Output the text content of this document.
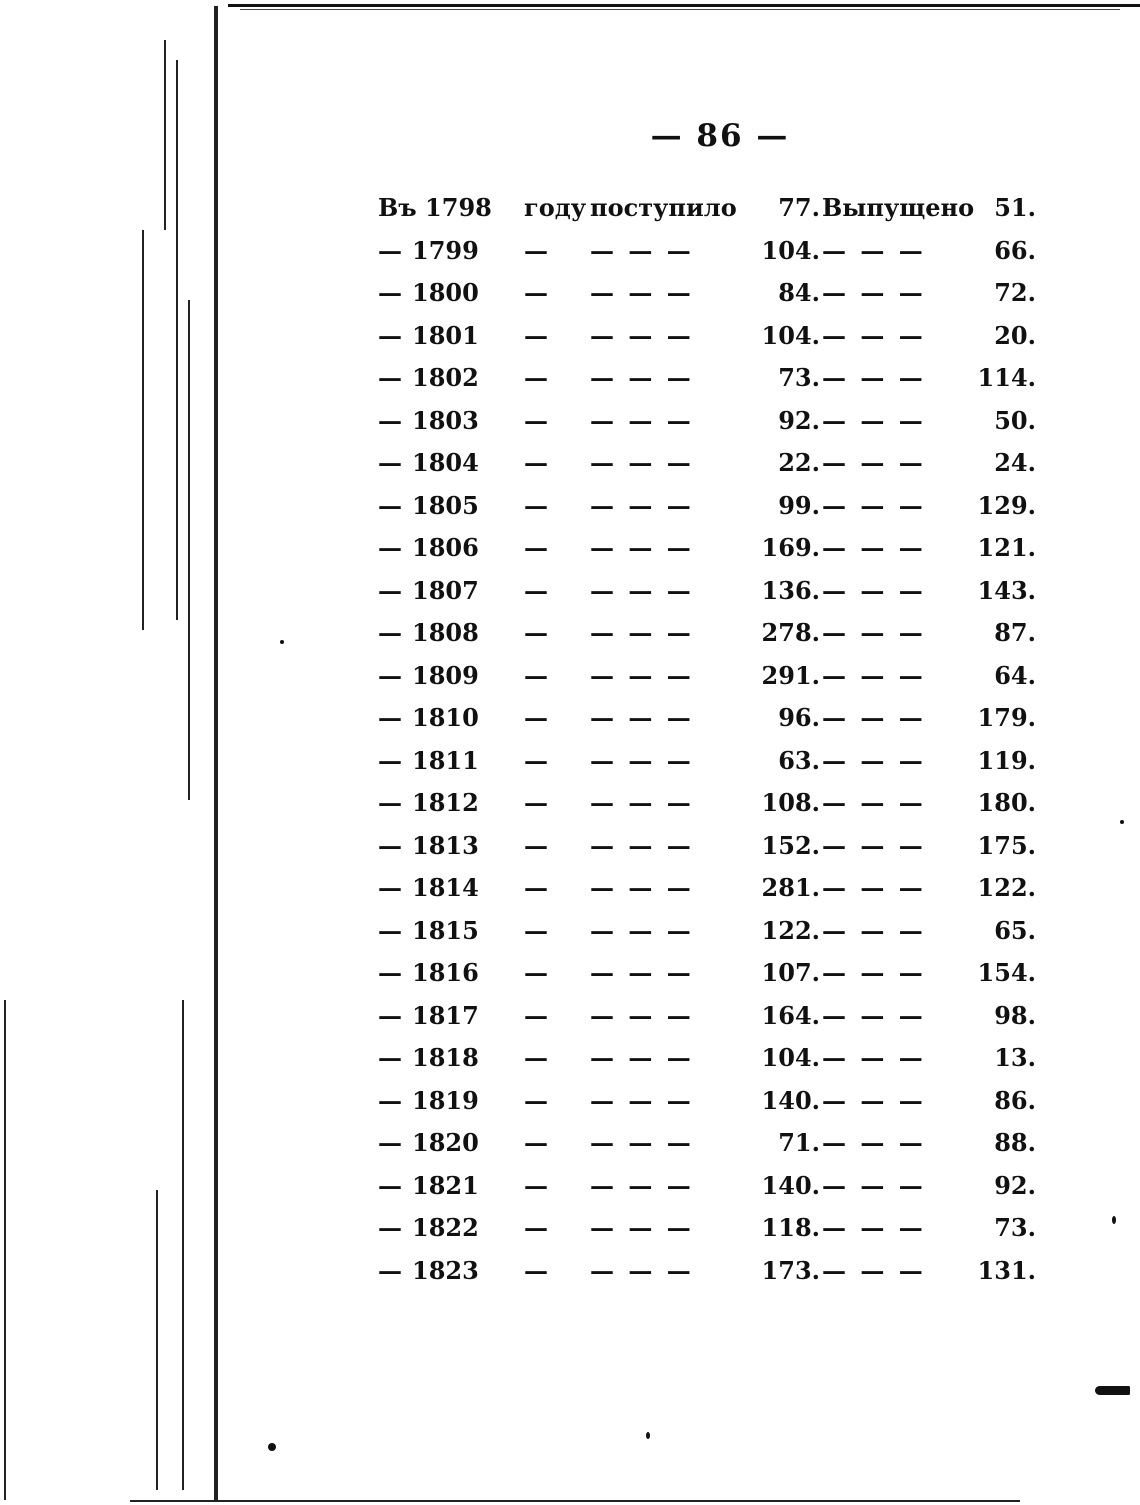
— 86 —
Въ 1798 году поступило	77. Выпущено 51.
— 1799 — — — —	104. — — —	66.
— 1800 — — — —	84. — — —	72.
— 1801 — — — —	104. — — —	20.
— 1802 — — — —	73. — — —	114.
— 1803 — — — —	92. — — —	50.
— 1804 — — — —	22. — — —	24.
— 1805 — — — —	99. — — —	129.
— 1806 — — — —	169. — — —	121.
— 1807 — — — —	136. — — —	143.
— 1808 — — — —	278. — — —	87.
— 1809 — — — —	291. — — —	64.
— 1810 — — — —	96. — — —	179.
— 1811 — — — —	63. — — —	119.
— 1812 — — — —	108. — — —	180.
— 1813 — — — —	152. — — —	175.
— 1814 — — — —	281. — — —	122.
— 1815 — — — —	122. — — —	65.
— 1816 — — — —	107. — — —	154.
— 1817 — — — —	164. — — —	98.
— 1818 — — — —	104. — — —	13.
— 1819 — — — —	140. — — —	86.
— 1820 — — — —	71. — — —	88.
— 1821 — — — —	140. — — —	92.
— 1822 — — — —	118. — — —	73.
— 1823 — — — —	173. — — —	131.
